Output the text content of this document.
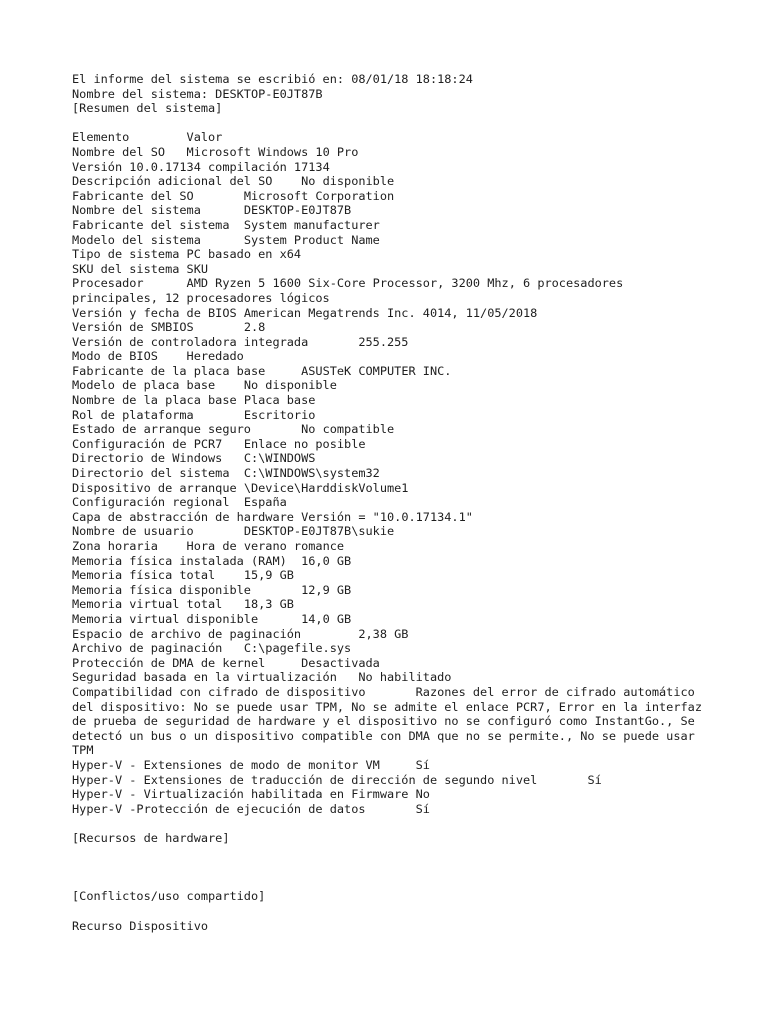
El informe del sistema se escribió en: 08/01/18 18:18:24
Nombre del sistema: DESKTOP-E0JT87B
[Resumen del sistema]
Elemento	Valor
Nombre del SO	Microsoft Windows 10 Pro
Versión	10.0.17134 compilación 17134
Descripción adicional del SO	No disponible
Fabricante del SO	Microsoft Corporation
Nombre del sistema	DESKTOP-E0JT87B
Fabricante del sistema	System manufacturer
Modelo del sistema	System Product Name
Tipo de sistema	PC basado en x64
SKU del sistema	SKU
Procesador	AMD Ryzen 5 1600 Six-Core Processor, 3200 Mhz, 6 procesadores principales, 12 procesadores lógicos
Versión y fecha de BIOS	American Megatrends Inc. 4014, 11/05/2018
Versión de SMBIOS	2.8
Versión de controladora integrada	255.255
Modo de BIOS	Heredado
Fabricante de la placa base	ASUSTeK COMPUTER INC.
Modelo de placa base	No disponible
Nombre de la placa base	Placa base
Rol de plataforma	Escritorio
Estado de arranque seguro	No compatible
Configuración de PCR7	Enlace no posible
Directorio de Windows	C:\WINDOWS
Directorio del sistema	C:\WINDOWS\system32
Dispositivo de arranque	\Device\HarddiskVolume1
Configuración regional	España
Capa de abstracción de hardware	Versión = "10.0.17134.1"
Nombre de usuario	DESKTOP-E0JT87B\sukie
Zona horaria	Hora de verano romance
Memoria física instalada (RAM)	16,0 GB
Memoria física total	15,9 GB
Memoria física disponible	12,9 GB
Memoria virtual total	18,3 GB
Memoria virtual disponible	14,0 GB
Espacio de archivo de paginación	2,38 GB
Archivo de paginación	C:\pagefile.sys
Protección de DMA de kernel	Desactivada
Seguridad basada en la virtualización	No habilitado
Compatibilidad con cifrado de dispositivo	Razones del error de cifrado automático del dispositivo: No se puede usar TPM, No se admite el enlace PCR7, Error en la interfaz de prueba de seguridad de hardware y el dispositivo no se configuró como InstantGo., Se detectó un bus o un dispositivo compatible con DMA que no se permite., No se puede usar TPM
Hyper-V - Extensiones de modo de monitor VM	Sí
Hyper-V - Extensiones de traducción de dirección de segundo nivel	Sí
Hyper-V - Virtualización habilitada en Firmware	No
Hyper-V -Protección de ejecución de datos	Sí
[Recursos de hardware]
[Conflictos/uso compartido]
Recurso	Dispositivo
